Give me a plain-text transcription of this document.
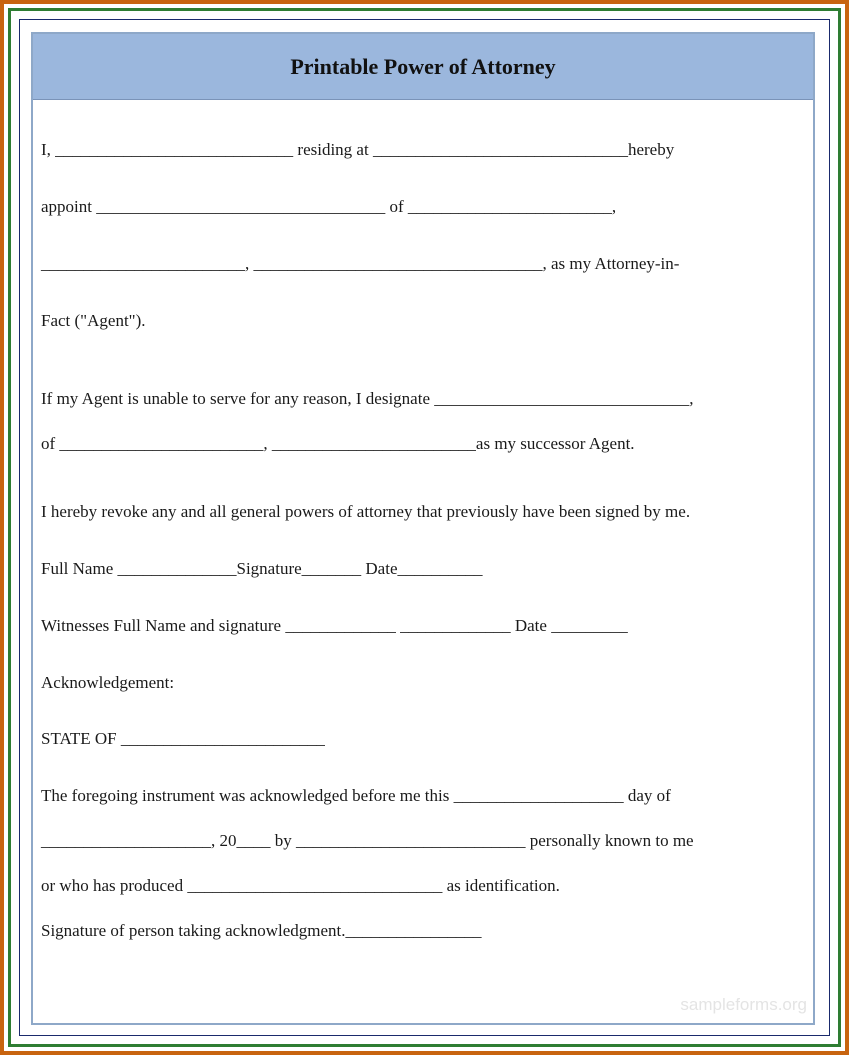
Printable Power of Attorney
I, ____________________________ residing at ______________________________hereby
appoint __________________________________ of ________________________,
________________________, __________________________________, as my Attorney-in-
Fact ("Agent").
If my Agent is unable to serve for any reason, I designate ______________________________,
of ________________________, ________________________as my successor Agent.
I hereby revoke any and all general powers of attorney that previously have been signed by me.
Full Name ______________Signature_______ Date__________
Witnesses Full Name and signature _____________ _____________ Date _________
Acknowledgement:
STATE OF ________________________
The foregoing instrument was acknowledged before me this ____________________ day of
____________________, 20____ by ___________________________ personally known to me
or who has produced ______________________________ as identification.
Signature of person taking acknowledgment.________________
sampleforms.org
